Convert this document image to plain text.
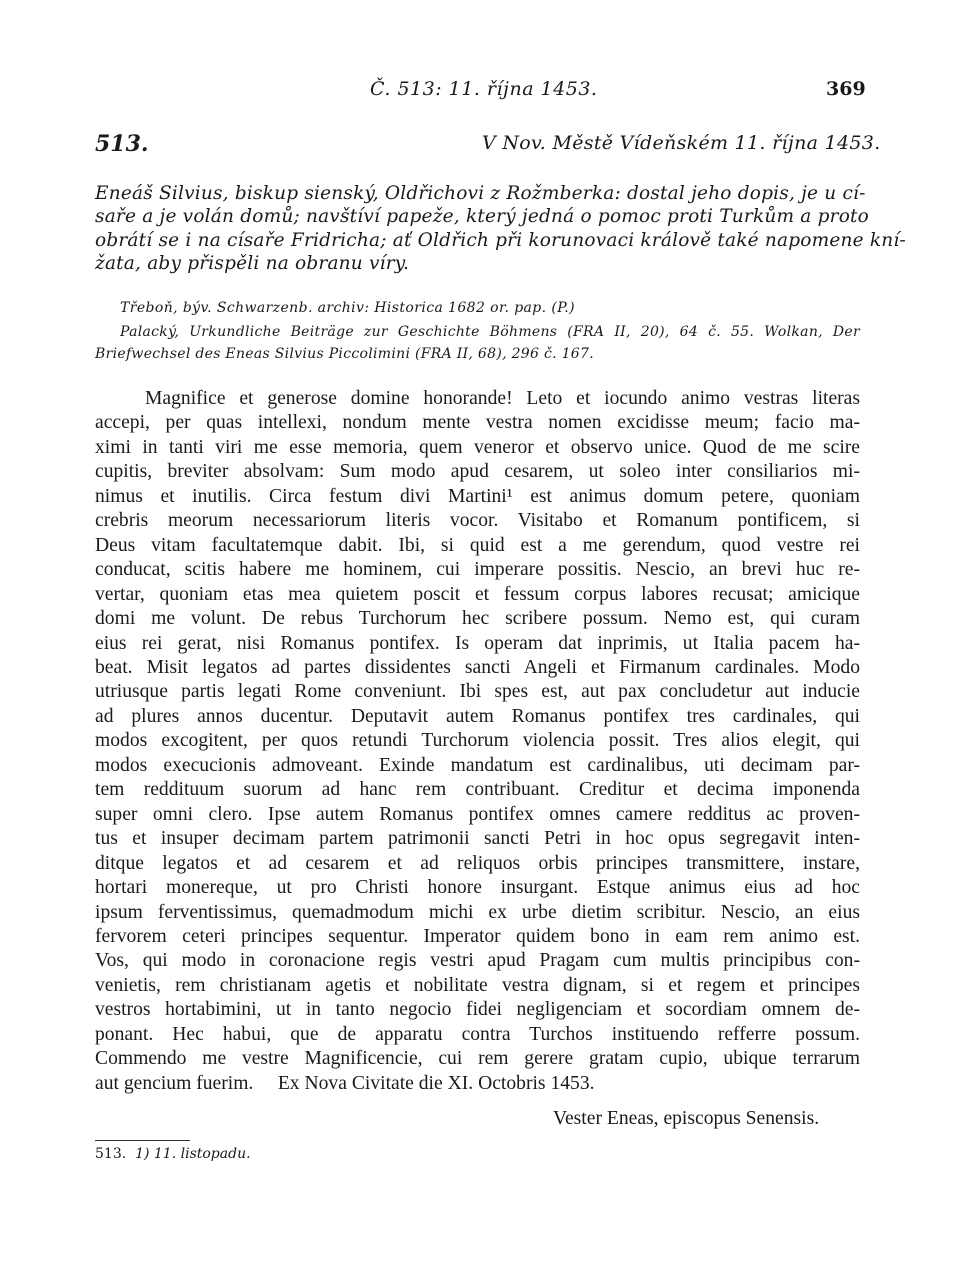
Č. 513: 11. října 1453.	369

513.	V Nov. Městě Vídeňském 11. října 1453.

Eneáš Silvius, biskup sienský, Oldřichovi z Rožmberka: dostal jeho dopis, je u cí-
saře a je volán domů; navštíví papeže, který jedná o pomoc proti Turkům a proto
obrátí se i na císaře Fridricha; ať Oldřich při korunovaci králově také napomene kní-
žata, aby přispěli na obranu víry.

Třeboň, býv. Schwarzenb. archiv: Historica 1682 or. pap. (P.)

Palacký, Urkundliche Beiträge zur Geschichte Böhmens (FRA II, 20), 64 č. 55. Wolkan, Der
Briefwechsel des Eneas Silvius Piccolimini (FRA II, 68), 296 č. 167.

Magnifice et generose domine honorande! Leto et iocundo animo vestras literas
accepi, per quas intellexi, nondum mente vestra nomen excidisse meum; facio ma-
ximi in tanti viri me esse memoria, quem veneror et observo unice. Quod de me scire
cupitis, breviter absolvam: Sum modo apud cesarem, ut soleo inter consiliarios mi-
nimus et inutilis. Circa festum divi Martini¹ est animus domum petere, quoniam
crebris meorum necessariorum literis vocor. Visitabo et Romanum pontificem, si
Deus vitam facultatemque dabit. Ibi, si quid est a me gerendum, quod vestre rei
conducat, scitis habere me hominem, cui imperare possitis. Nescio, an brevi huc re-
vertar, quoniam etas mea quietem poscit et fessum corpus labores recusat; amicique
domi me volunt. De rebus Turchorum hec scribere possum. Nemo est, qui curam
eius rei gerat, nisi Romanus pontifex. Is operam dat inprimis, ut Italia pacem ha-
beat. Misit legatos ad partes dissidentes sancti Angeli et Firmanum cardinales. Modo
utriusque partis legati Rome conveniunt. Ibi spes est, aut pax concludetur aut inducie
ad plures annos ducentur. Deputavit autem Romanus pontifex tres cardinales, qui
modos excogitent, per quos retundi Turchorum violencia possit. Tres alios elegit, qui
modos execucionis admoveant. Exinde mandatum est cardinalibus, uti decimam par-
tem reddituum suorum ad hanc rem contribuant. Creditur et decima imponenda
super omni clero. Ipse autem Romanus pontifex omnes camere redditus ac proven-
tus et insuper decimam partem patrimonii sancti Petri in hoc opus segregavit inten-
ditque legatos et ad cesarem et ad reliquos orbis principes transmittere, instare,
hortari monereque, ut pro Christi honore insurgant. Estque animus eius ad hoc
ipsum ferventissimus, quemadmodum michi ex urbe dietim scribitur. Nescio, an eius
fervorem ceteri principes sequentur. Imperator quidem bono in eam rem animo est.
Vos, qui modo in coronacione regis vestri apud Pragam cum multis principibus con-
venietis, rem christianam agetis et nobilitate vestra dignam, si et regem et principes
vestros hortabimini, ut in tanto negocio fidei negligenciam et socordiam omnem de-
ponant. Hec habui, que de apparatu contra Turchos instituendo refferre possum.
Commendo me vestre Magnificencie, cui rem gerere gratam cupio, ubique terrarum
aut gencium fuerim.     Ex Nova Civitate die XI. Octobris 1453.

Vester Eneas, episcopus Senensis.

513. 1) 11. listopadu.
